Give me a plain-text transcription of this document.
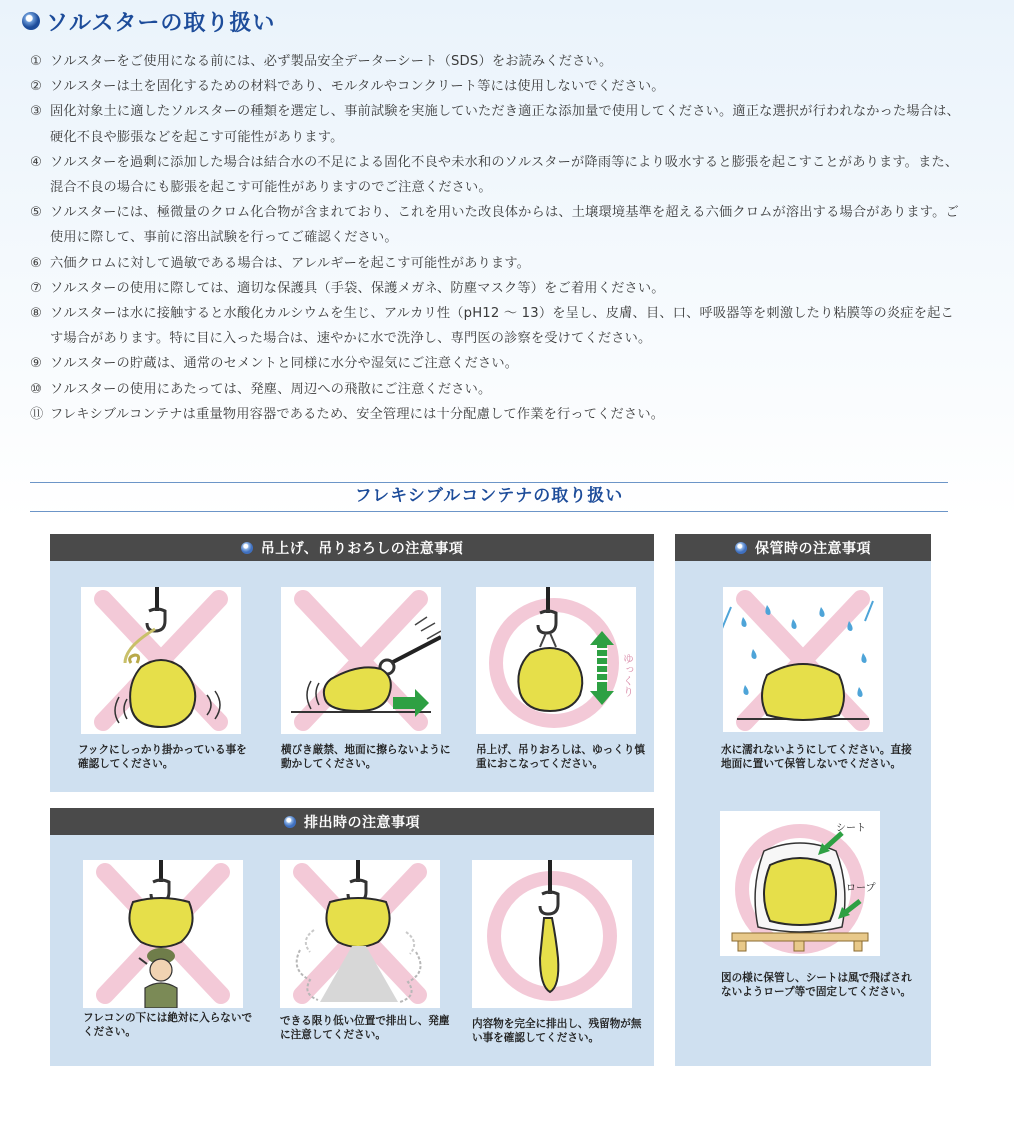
ソルスターの取り扱い
① ソルスターをご使用になる前には、必ず製品安全データーシート（SDS）をお読みください。
② ソルスターは土を固化するための材料であり、モルタルやコンクリート等には使用しないでください。
③ 固化対象土に適したソルスターの種類を選定し、事前試験を実施していただき適正な添加量で使用してください。適正な選択が行われなかった場合は、硬化不良や膨張などを起こす可能性があります。
④ ソルスターを過剰に添加した場合は結合水の不足による固化不良や未水和のソルスターが降雨等により吸水すると膨張を起こすことがあります。また、混合不良の場合にも膨張を起こす可能性がありますのでご注意ください。
⑤ ソルスターには、極微量のクロム化合物が含まれており、これを用いた改良体からは、土壌環境基準を超える六価クロムが溶出する場合があります。ご使用に際して、事前に溶出試験を行ってご確認ください。
⑥ 六価クロムに対して過敏である場合は、アレルギーを起こす可能性があります。
⑦ ソルスターの使用に際しては、適切な保護具（手袋、保護メガネ、防塵マスク等）をご着用ください。
⑧ ソルスターは水に接触すると水酸化カルシウムを生じ、アルカリ性（pH12 ～ 13）を呈し、皮膚、目、口、呼吸器等を刺激したり粘膜等の炎症を起こす場合があります。特に目に入った場合は、速やかに水で洗浄し、専門医の診察を受けてください。
⑨ ソルスターの貯蔵は、通常のセメントと同様に水分や湿気にご注意ください。
⑩ ソルスターの使用にあたっては、発塵、周辺への飛散にご注意ください。
⑪ フレキシブルコンテナは重量物用容器であるため、安全管理には十分配慮して作業を行ってください。
フレキシブルコンテナの取り扱い
吊上げ、吊りおろしの注意事項
フックにしっかり掛かっている事を確認してください。
横びき厳禁、地面に擦らないように動かしてください。
ゆっくり
吊上げ、吊りおろしは、ゆっくり慎重におこなってください。
排出時の注意事項
フレコンの下には絶対に入らないでください。
できる限り低い位置で排出し、発塵に注意してください。
内容物を完全に排出し、残留物が無い事を確認してください。
保管時の注意事項
水に濡れないようにしてください。直接地面に置いて保管しないでください。
シート
ロープ
図の様に保管し、シートは風で飛ばされないようロープ等で固定してください。
